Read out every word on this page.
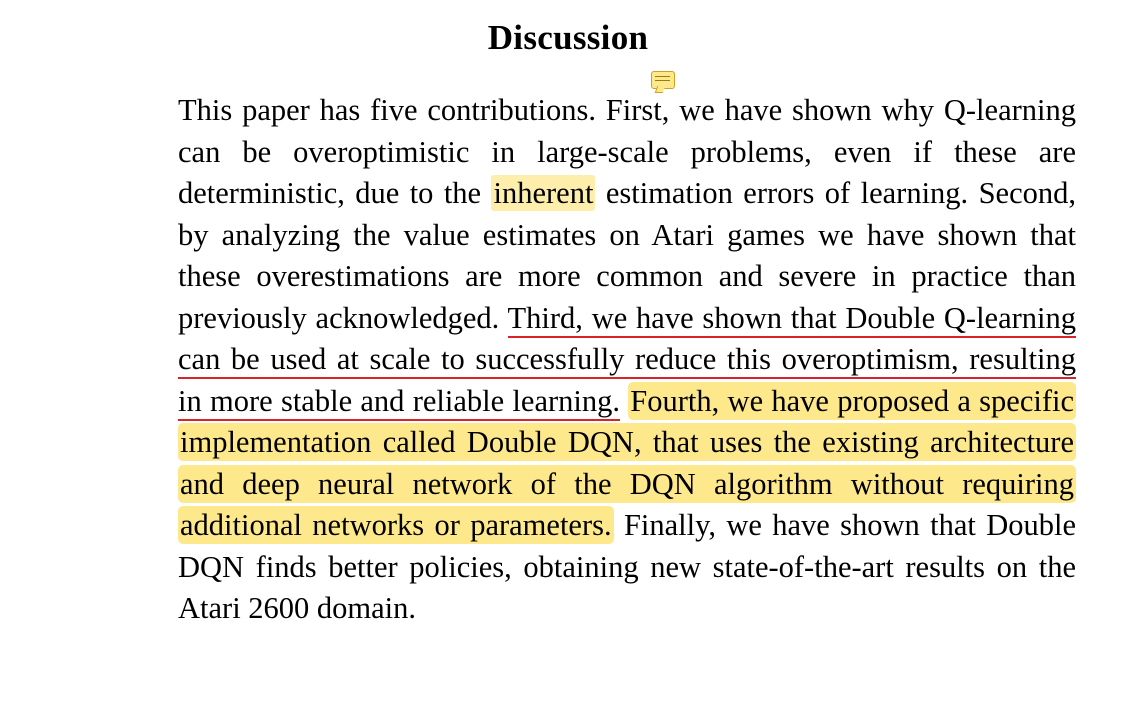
Discussion

This paper has five contributions. First, we have shown why Q-learning can be overoptimistic in large-scale problems, even if these are deterministic, due to the inherent estimation errors of learning. Second, by analyzing the value estimates on Atari games we have shown that these overestimations are more common and severe in practice than previously acknowledged. Third, we have shown that Double Q-learning can be used at scale to successfully reduce this overoptimism, resulting in more stable and reliable learning. Fourth, we have proposed a specific implementation called Double DQN, that uses the existing architecture and deep neural network of the DQN algorithm without requiring additional networks or parameters. Finally, we have shown that Double DQN finds better policies, obtaining new state-of-the-art results on the Atari 2600 domain.
